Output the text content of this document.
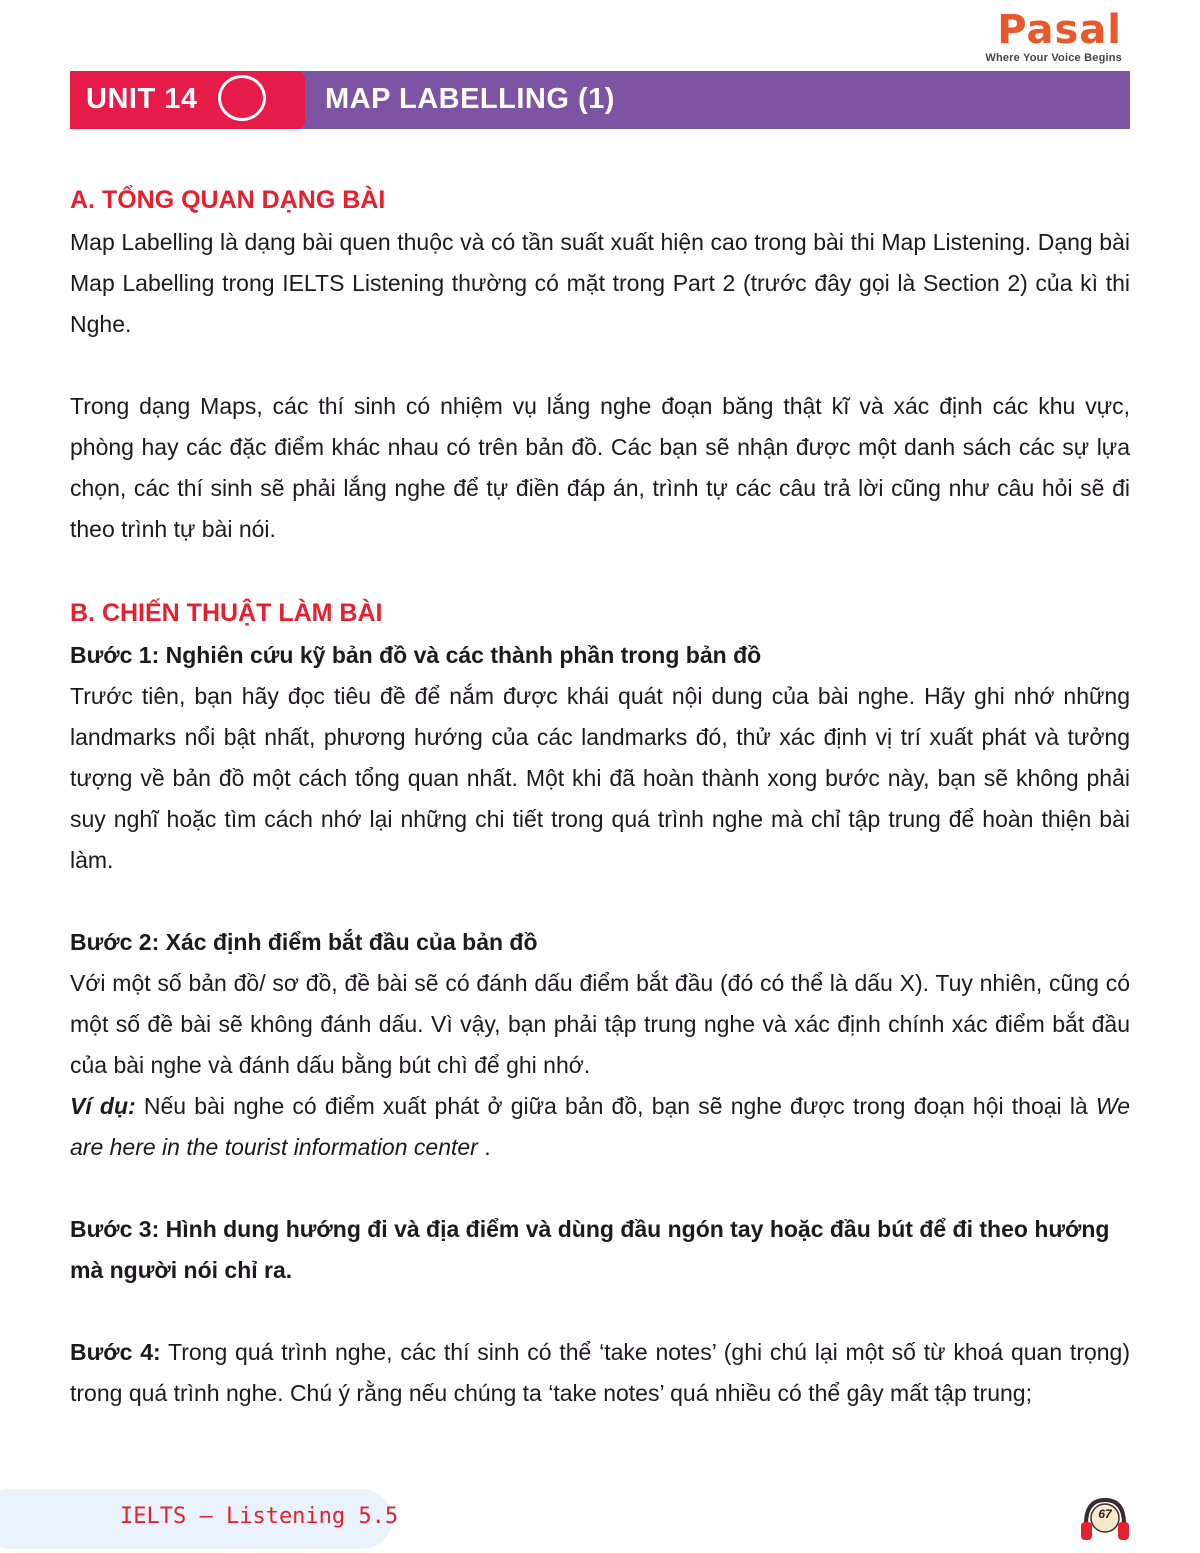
Pasal
Where Your Voice Begins
UNIT 14	MAP LABELLING (1)
A. TỔNG QUAN DẠNG BÀI

Map Labelling là dạng bài quen thuộc và có tần suất xuất hiện cao trong bài thi Map Listening. Dạng bài Map Labelling trong IELTS Listening thường có mặt trong Part 2 (trước đây gọi là Section 2) của kì thi Nghe.

Trong dạng Maps, các thí sinh có nhiệm vụ lắng nghe đoạn băng thật kĩ và xác định các khu vực, phòng hay các đặc điểm khác nhau có trên bản đồ. Các bạn sẽ nhận được một danh sách các sự lựa chọn, các thí sinh sẽ phải lắng nghe để tự điền đáp án, trình tự các câu trả lời cũng như câu hỏi sẽ đi theo trình tự bài nói.

B. CHIẾN THUẬT LÀM BÀI

Bước 1: Nghiên cứu kỹ bản đồ và các thành phần trong bản đồ

Trước tiên, bạn hãy đọc tiêu đề để nắm được khái quát nội dung của bài nghe. Hãy ghi nhớ những landmarks nổi bật nhất, phương hướng của các landmarks đó, thử xác định vị trí xuất phát và tưởng tượng về bản đồ một cách tổng quan nhất. Một khi đã hoàn thành xong bước này, bạn sẽ không phải suy nghĩ hoặc tìm cách nhớ lại những chi tiết trong quá trình nghe mà chỉ tập trung để hoàn thiện bài làm.

Bước 2: Xác định điểm bắt đầu của bản đồ

Với một số bản đồ/ sơ đồ, đề bài sẽ có đánh dấu điểm bắt đầu (đó có thể là dấu X). Tuy nhiên, cũng có một số đề bài sẽ không đánh dấu. Vì vậy, bạn phải tập trung nghe và xác định chính xác điểm bắt đầu của bài nghe và đánh dấu bằng bút chì để ghi nhớ.

Ví dụ: Nếu bài nghe có điểm xuất phát ở giữa bản đồ, bạn sẽ nghe được trong đoạn hội thoại là We are here in the tourist information center .

Bước 3: Hình dung hướng đi và địa điểm và dùng đầu ngón tay hoặc đầu bút để đi theo hướng mà người nói chỉ ra.

Bước 4: Trong quá trình nghe, các thí sinh có thể ‘take notes’ (ghi chú lại một số từ khoá quan trọng) trong quá trình nghe. Chú ý rằng nếu chúng ta ‘take notes’ quá nhiều có thể gây mất tập trung;

IELTS – Listening 5.5	67
